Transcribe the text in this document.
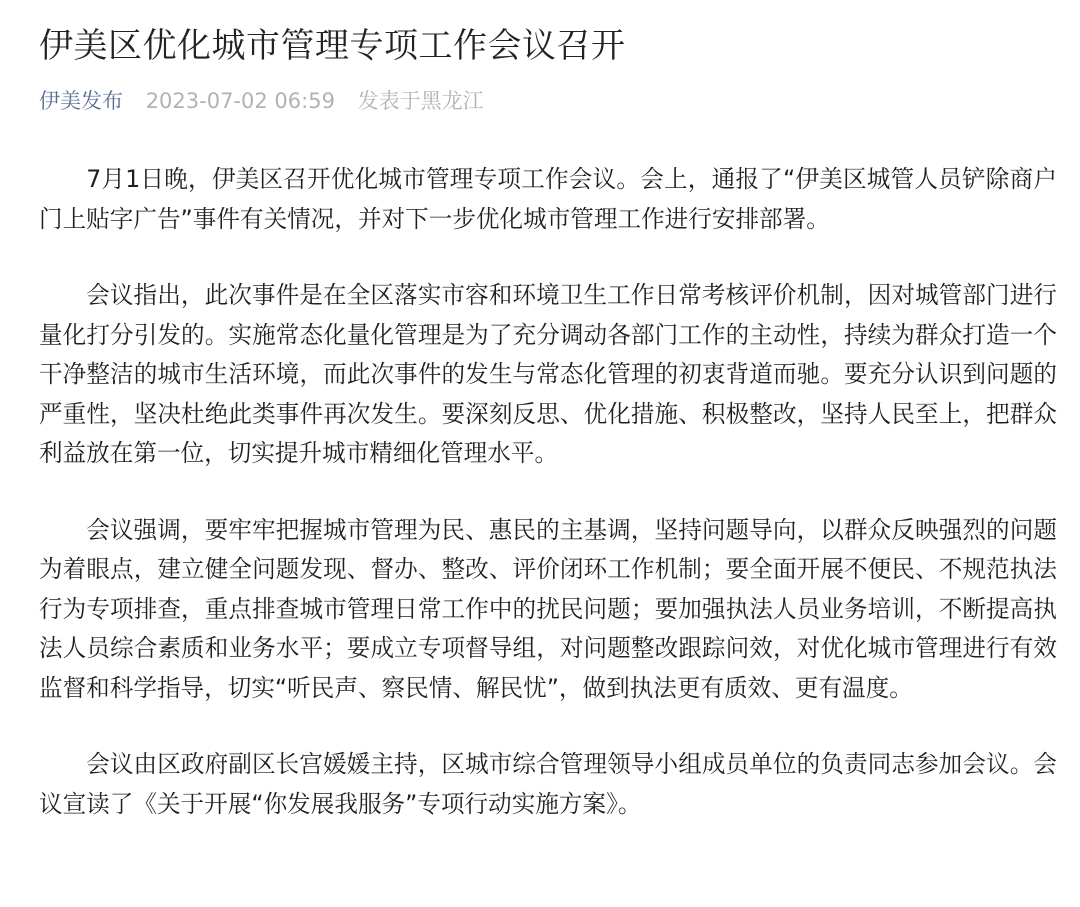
伊美区优化城市管理专项工作会议召开
伊美发布 2023-07-02 06:59 发表于黑龙江

7月1日晚，伊美区召开优化城市管理专项工作会议。会上，通报了“伊美区城管人员铲除商户门上贴字广告”事件有关情况，并对下一步优化城市管理工作进行安排部署。

会议指出，此次事件是在全区落实市容和环境卫生工作日常考核评价机制，因对城管部门进行量化打分引发的。实施常态化量化管理是为了充分调动各部门工作的主动性，持续为群众打造一个干净整洁的城市生活环境，而此次事件的发生与常态化管理的初衷背道而驰。要充分认识到问题的严重性，坚决杜绝此类事件再次发生。要深刻反思、优化措施、积极整改，坚持人民至上，把群众利益放在第一位，切实提升城市精细化管理水平。

会议强调，要牢牢把握城市管理为民、惠民的主基调，坚持问题导向，以群众反映强烈的问题为着眼点，建立健全问题发现、督办、整改、评价闭环工作机制；要全面开展不便民、不规范执法行为专项排查，重点排查城市管理日常工作中的扰民问题；要加强执法人员业务培训，不断提高执法人员综合素质和业务水平；要成立专项督导组，对问题整改跟踪问效，对优化城市管理进行有效监督和科学指导，切实“听民声、察民情、解民忧”，做到执法更有质效、更有温度。

会议由区政府副区长宫媛媛主持，区城市综合管理领导小组成员单位的负责同志参加会议。会议宣读了《关于开展“你发展我服务”专项行动实施方案》。
